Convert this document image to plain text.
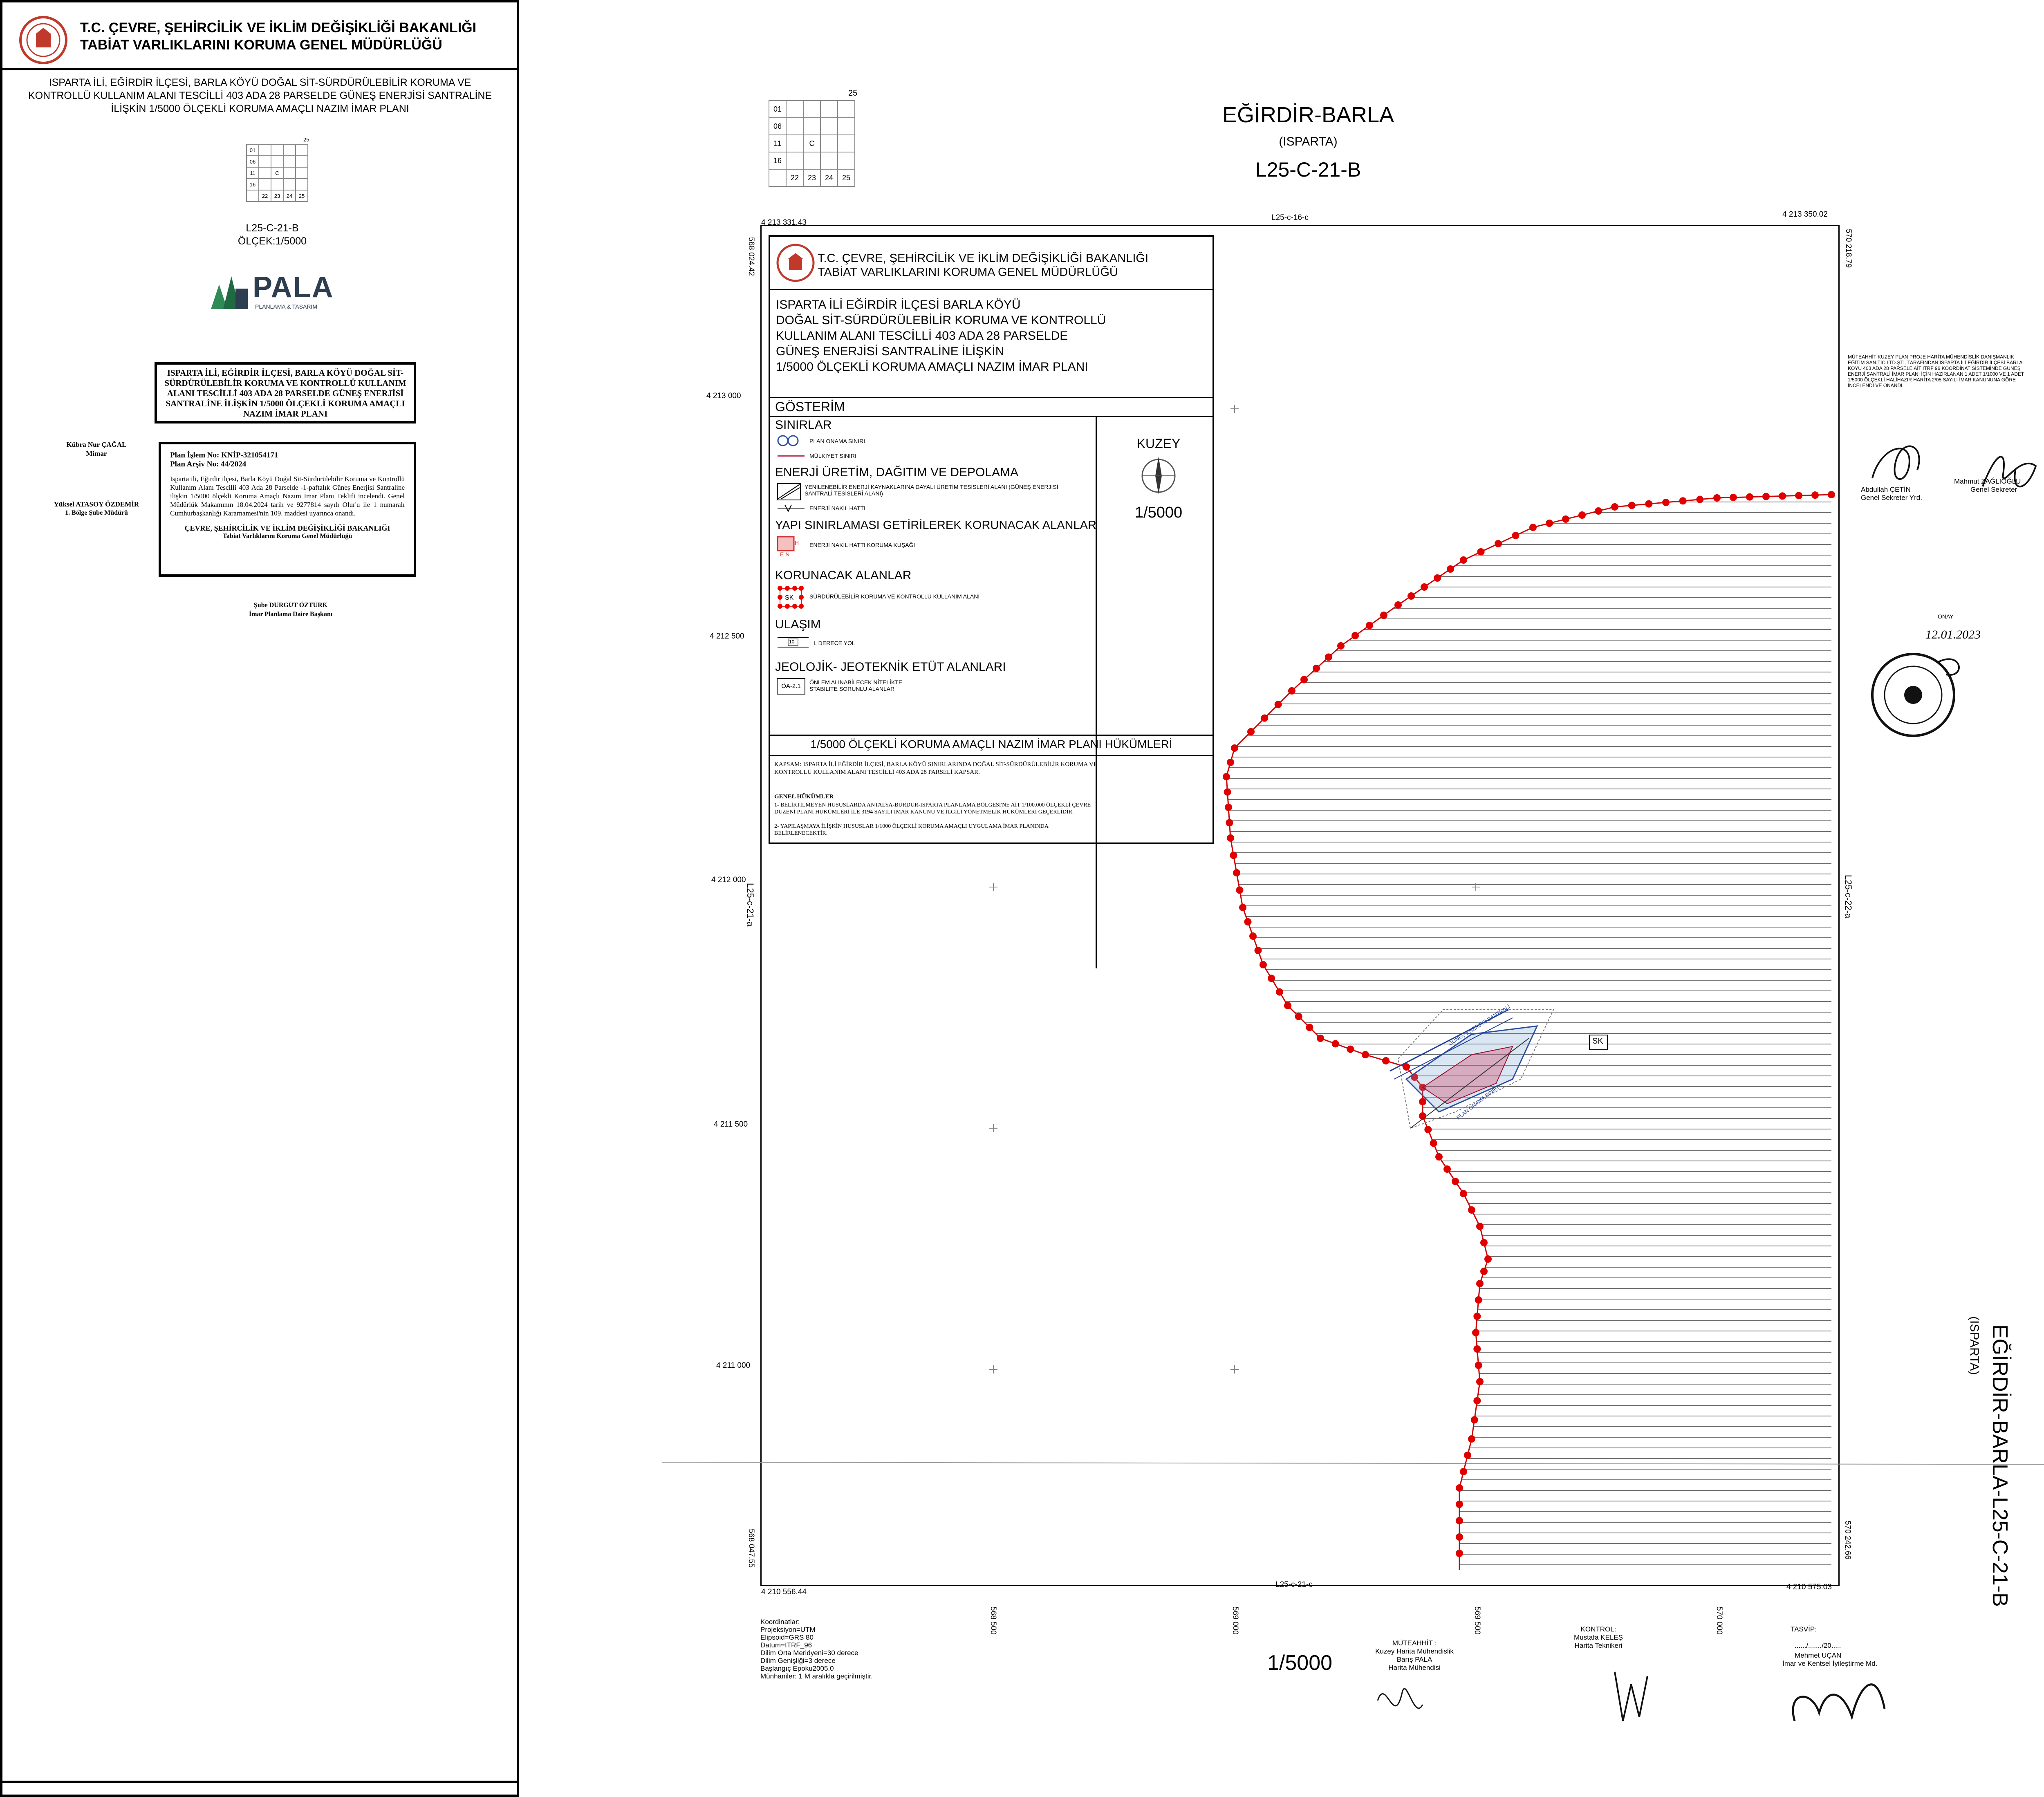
T.C. ÇEVRE, ŞEHİRCİLİK VE İKLİM DEĞİŞİKLİĞİ BAKANLIĞI
TABİAT VARLIKLARINI KORUMA GENEL MÜDÜRLÜĞÜ
ISPARTA İLİ, EĞİRDİR İLÇESİ, BARLA KÖYÜ DOĞAL SİT-SÜRDÜRÜLEBİLİR KORUMA VE KONTROLLÜ KULLANIM ALANI TESCİLLİ 403 ADA 28 PARSELDE GÜNEŞ ENERJİSİ SANTRALİNE İLİŞKİN 1/5000 ÖLÇEKLİ KORUMA AMAÇLI NAZIM İMAR PLANI
25
01				
06				
11		C		
16				
	22	23	24	25
L25-C-21-B
ÖLÇEK:1/5000
PALA
PLANLAMA & TASARIM
ISPARTA İLİ, EĞİRDİR İLÇESİ, BARLA KÖYÜ DOĞAL SİT-SÜRDÜRÜLEBİLİR KORUMA VE KONTROLLÜ KULLANIM ALANI TESCİLLİ 403 ADA 28 PARSELDE GÜNEŞ ENERJİSİ SANTRALİNE İLİŞKİN 1/5000 ÖLÇEKLİ KORUMA AMAÇLI NAZIM İMAR PLANI
Kübra Nur ÇAĞAL
Mimar
Yüksel ATASOY ÖZDEMİR
1. Bölge Şube Müdürü
Plan İşlem No: KNİP-321054171
Plan Arşiv No: 44/2024
Isparta ili, Eğirdir ilçesi, Barla Köyü Doğal Sit-Sürdürülebilir Koruma ve Kontrollü Kullanım Alanı Tescilli 403 Ada 28 Parselde -1-paftalık Güneş Enerjisi Santraline ilişkin 1/5000 ölçekli Koruma Amaçlı Nazım İmar Planı Teklifi incelendi. Genel Müdürlük Makamının 18.04.2024 tarih ve 9277814 sayılı Olur'u ile 1 numaralı Cumhurbaşkanlığı Kararnamesi'nin 109. maddesi uyarınca onandı.
ÇEVRE, ŞEHİRCİLİK VE İKLİM DEĞİŞİKLİĞİ BAKANLIĞI
Tabiat Varlıklarını Koruma Genel Müdürlüğü
Şube DURGUT ÖZTÜRK
İmar Planlama Daire Başkanı
25
01				
06				
11		C		
16				
	22	23	24	25
EĞİRDİR-BARLA
(ISPARTA)
L25-C-21-B
4 213 331.43
4 213 350.02
L25-c-16-c
4 210 556.44
4 210 575.03
L25-c-21-c
L25-c-21-a	L25-c-22-a
568 024.42
568 047.55
570 218.79
570 242.66
4 213 000
4 212 500
4 212 000
4 211 500
4 211 000
568 500	569 000	569 500	570 000
SK
GÜNEŞ ENERJİSİ SANTRALİ
PLAN ONAMA SINIRI
T.C. ÇEVRE, ŞEHİRCİLİK VE İKLİM DEĞİŞİKLİĞİ BAKANLIĞI
TABİAT VARLIKLARINI KORUMA GENEL MÜDÜRLÜĞÜ
ISPARTA İLİ EĞİRDİR İLÇESİ BARLA KÖYÜ
DOĞAL SİT-SÜRDÜRÜLEBİLİR KORUMA VE KONTROLLÜ
KULLANIM ALANI TESCİLLİ 403 ADA 28 PARSELDE
GÜNEŞ ENERJİSİ SANTRALİNE İLİŞKİN
1/5000 ÖLÇEKLİ KORUMA AMAÇLI NAZIM İMAR PLANI
GÖSTERİM
KUZEY
1/5000
SINIRLAR
PLAN ONAMA SINIRI
MÜLKİYET SINIRI
ENERJİ ÜRETİM, DAĞITIM VE DEPOLAMA
YENİLENEBİLİR ENERJİ KAYNAKLARINA DAYALI ÜRETİM TESİSLERİ ALANI (GÜNEŞ ENERJİSİ SANTRALİ TESİSLERİ ALANI)
ENERJİ NAKİL HATTI
YAPI SINIRLAMASI GETİRİLEREK KORUNACAK ALANLAR
H
E N
ENERJİ NAKİL HATTI KORUMA KUŞAĞI
KORUNACAK ALANLAR
SK	SÜRDÜRÜLEBİLİR KORUMA VE KONTROLLÜ KULLANIM ALANI
ULAŞIM
10	I. DERECE YOL
JEOLOJİK- JEOTEKNİK ETÜT ALANLARI
ÖA-2.1
ÖNLEM ALINABİLECEK NİTELİKTE STABİLİTE SORUNLU ALANLAR
1/5000 ÖLÇEKLİ KORUMA AMAÇLI NAZIM İMAR PLANI HÜKÜMLERİ
KAPSAM: ISPARTA İLİ EĞİRDİR İLÇESİ, BARLA KÖYÜ SINIRLARINDA DOĞAL SİT-SÜRDÜRÜLEBİLİR KORUMA VE KONTROLLÜ KULLANIM ALANI TESCİLLİ 403 ADA 28 PARSELİ KAPSAR.
GENEL HÜKÜMLER
1- BELİRTİLMEYEN HUSUSLARDA ANTALYA-BURDUR-ISPARTA PLANLAMA BÖLGESİ'NE AİT 1/100.000 ÖLÇEKLİ ÇEVRE DÜZENİ PLANI HÜKÜMLERİ İLE 3194 SAYILI İMAR KANUNU VE İLGİLİ YÖNETMELİK HÜKÜMLERİ GEÇERLİDİR.
2- YAPILAŞMAYA İLİŞKİN HUSUSLAR 1/1000 ÖLÇEKLİ KORUMA AMAÇLI UYGULAMA İMAR PLANINDA BELİRLENECEKTİR.
MÜTEAHHİT KUZEY PLAN PROJE HARİTA MÜHENDİSLİK DANIŞMANLIK EĞİTİM SAN.TİC.LTD.ŞTİ. TARAFINDAN ISPARTA İLİ EĞİRDİR İLÇESİ BARLA KÖYÜ 403 ADA 28 PARSELE AİT ITRF 96 KOORDİNAT SİSTEMİNDE GÜNEŞ ENERJİ SANTRALİ İMAR PLANI İÇİN HAZIRLANAN 1 ADET 1/1000 VE 1 ADET 1/5000 ÖLÇEKLİ HALİHAZIR HARİTA 2/05 SAYILI İMAR KANUNUNA GÖRE İNCELENDİ VE ONANDI.
Abdullah ÇETİN
Genel Sekreter Yrd.
Mahmut ZAĞLIOĞLU
Genel Sekreter
ONAY
12.01.2023
EĞİRDİR-BARLA-L25-C-21-B
(ISPARTA)
Koordinatlar:
Projeksiyon=UTM
Elipsoid=GRS 80
Datum=ITRF_96
Dilim Orta Meridyeni=30 derece
Dilim Genişliği=3 derece
Başlangıç Epoku2005.0
Münhaniler: 1 M aralıkla geçirilmiştir.
1/5000
MÜTEAHHİT :
Kuzey Harita Mühendislik
Barış PALA
Harita Mühendisi
KONTROL:
Mustafa KELEŞ
Harita Teknikeri
TASVİP:
....../......./20.....
Mehmet UÇAN
İmar ve Kentsel İyileştirme Md.
